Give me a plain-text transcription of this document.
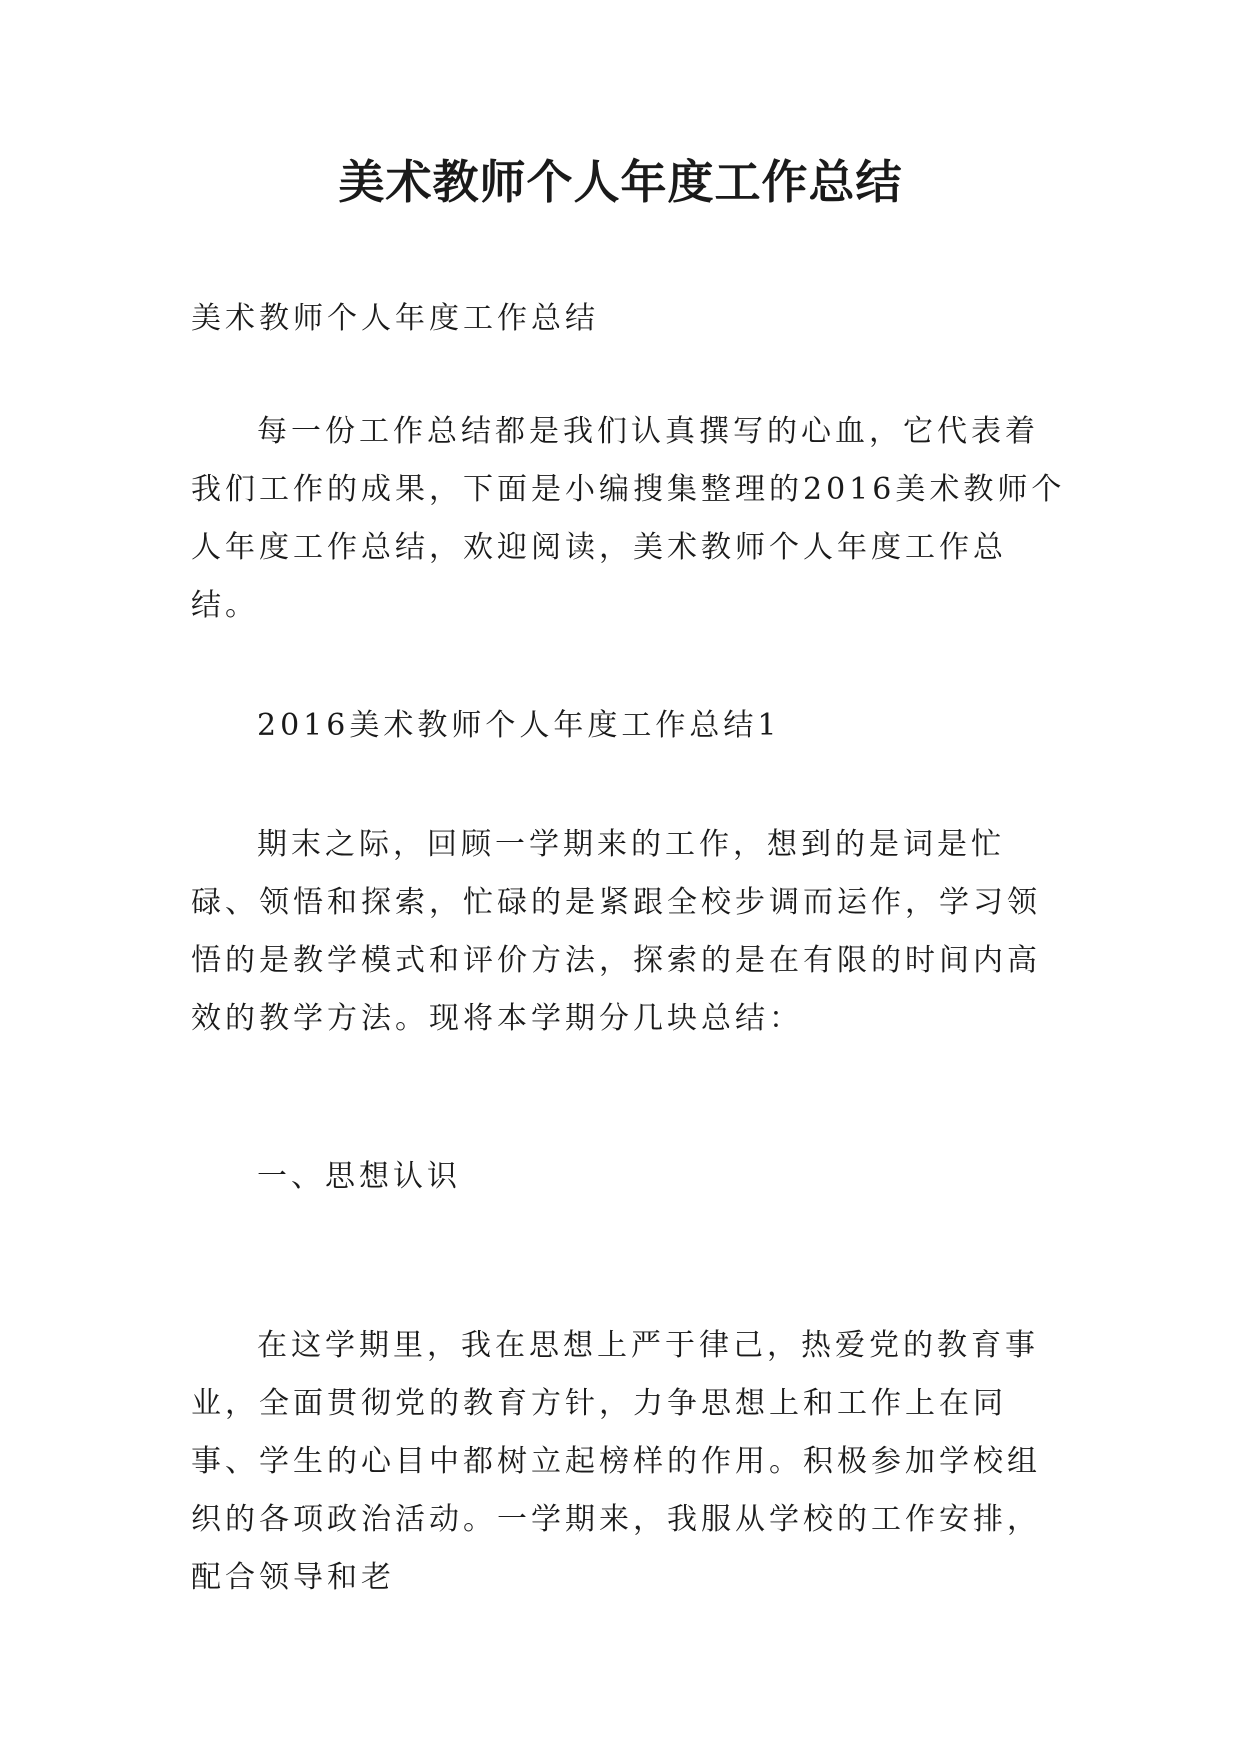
美术教师个人年度工作总结

美术教师个人年度工作总结

每一份工作总结都是我们认真撰写的心血，它代表着我们工作的成果，下面是小编搜集整理的2016美术教师个人年度工作总结，欢迎阅读，美术教师个人年度工作总结。

2016美术教师个人年度工作总结1

期末之际，回顾一学期来的工作，想到的是词是忙碌、领悟和探索，忙碌的是紧跟全校步调而运作，学习领悟的是教学模式和评价方法，探索的是在有限的时间内高效的教学方法。现将本学期分几块总结：

一、思想认识

在这学期里，我在思想上严于律己，热爱党的教育事业，全面贯彻党的教育方针，力争思想上和工作上在同事、学生的心目中都树立起榜样的作用。积极参加学校组织的各项政治活动。一学期来，我服从学校的工作安排，配合领导和老
